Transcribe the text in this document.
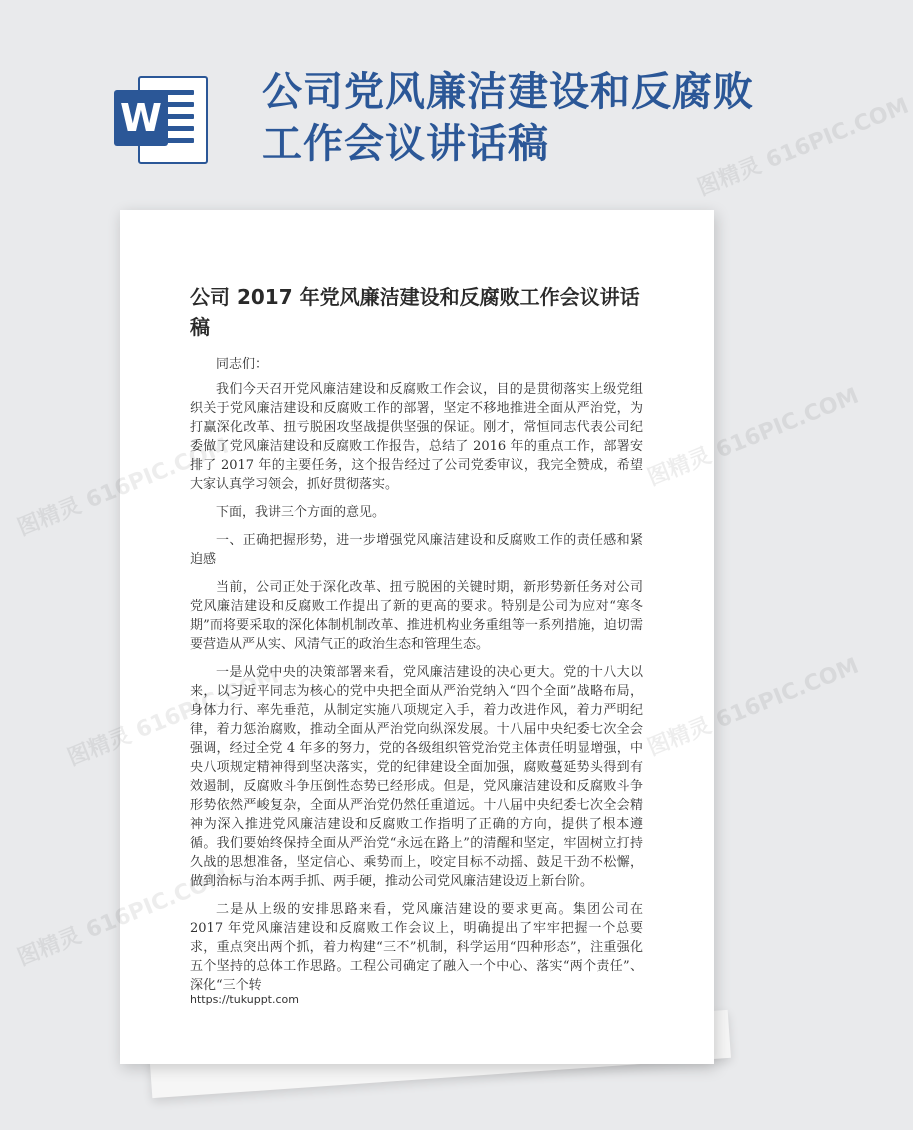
W
公司党风廉洁建设和反腐败工作会议讲话稿
公司 2017 年党风廉洁建设和反腐败工作会议讲话稿

同志们：

我们今天召开党风廉洁建设和反腐败工作会议，目的是贯彻落实上级党组织关于党风廉洁建设和反腐败工作的部署，坚定不移地推进全面从严治党，为打赢深化改革、扭亏脱困攻坚战提供坚强的保证。刚才，常恒同志代表公司纪委做了党风廉洁建设和反腐败工作报告，总结了 2016 年的重点工作，部署安排了 2017 年的主要任务，这个报告经过了公司党委审议，我完全赞成，希望大家认真学习领会，抓好贯彻落实。

下面，我讲三个方面的意见。

一、正确把握形势，进一步增强党风廉洁建设和反腐败工作的责任感和紧迫感

当前，公司正处于深化改革、扭亏脱困的关键时期，新形势新任务对公司党风廉洁建设和反腐败工作提出了新的更高的要求。特别是公司为应对“寒冬期”而将要采取的深化体制机制改革、推进机构业务重组等一系列措施，迫切需要营造从严从实、风清气正的政治生态和管理生态。

一是从党中央的决策部署来看，党风廉洁建设的决心更大。党的十八大以来，以习近平同志为核心的党中央把全面从严治党纳入“四个全面”战略布局，身体力行、率先垂范，从制定实施八项规定入手，着力改进作风，着力严明纪律，着力惩治腐败，推动全面从严治党向纵深发展。十八届中央纪委七次全会强调，经过全党 4 年多的努力，党的各级组织管党治党主体责任明显增强，中央八项规定精神得到坚决落实，党的纪律建设全面加强，腐败蔓延势头得到有效遏制，反腐败斗争压倒性态势已经形成。但是，党风廉洁建设和反腐败斗争形势依然严峻复杂，全面从严治党仍然任重道远。十八届中央纪委七次全会精神为深入推进党风廉洁建设和反腐败工作指明了正确的方向，提供了根本遵循。我们要始终保持全面从严治党“永远在路上”的清醒和坚定，牢固树立打持久战的思想准备，坚定信心、乘势而上，咬定目标不动摇、鼓足干劲不松懈，做到治标与治本两手抓、两手硬，推动公司党风廉洁建设迈上新台阶。

二是从上级的安排思路来看，党风廉洁建设的要求更高。集团公司在 2017 年党风廉洁建设和反腐败工作会议上，明确提出了牢牢把握一个总要求，重点突出两个抓，着力构建“三不”机制，科学运用“四种形态”，注重强化五个坚持的总体工作思路。工程公司确定了融入一个中心、落实“两个责任”、深化“三个转

https://tukuppt.com
图精灵 616PIC.COM
图精灵 616PIC.COM
图精灵
图精灵	图精灵 616PIC.COM
图精灵
